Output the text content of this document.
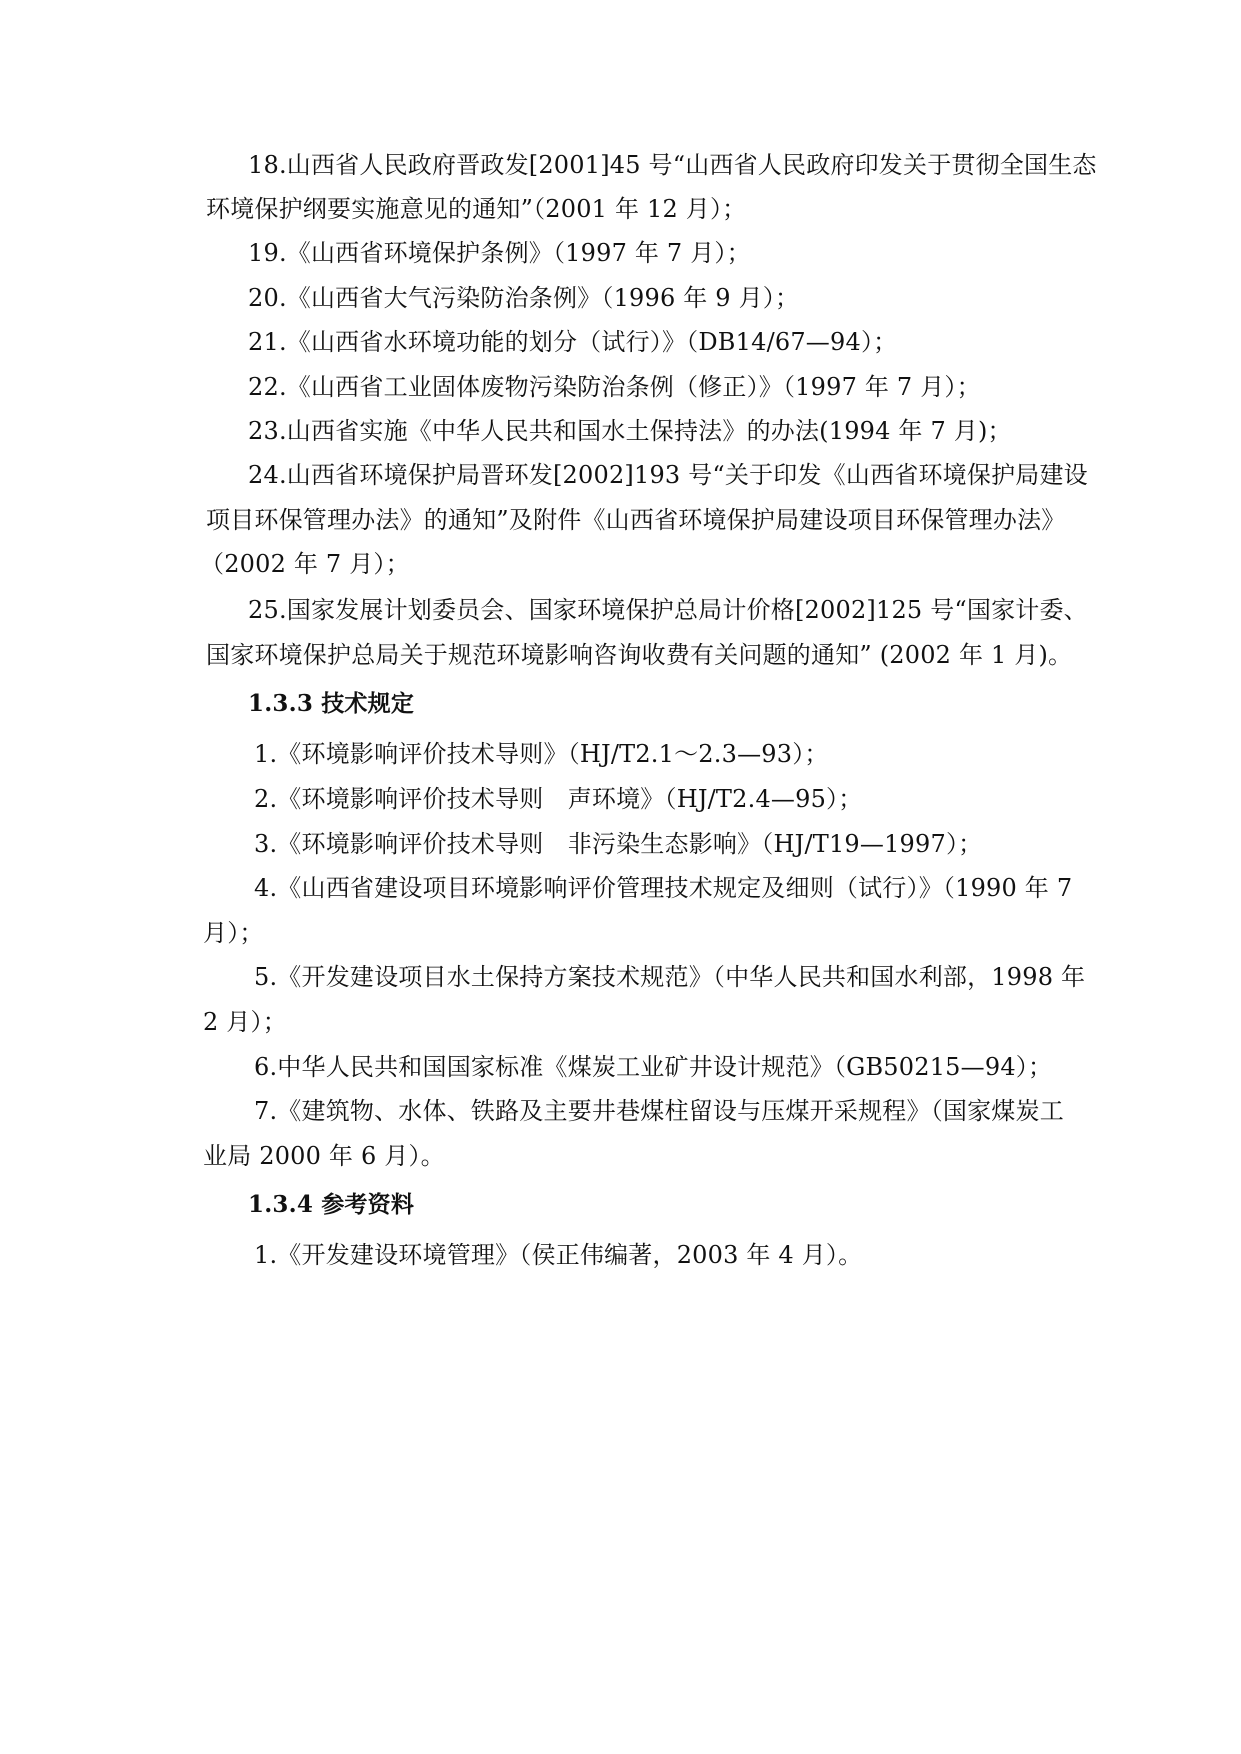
18.山西省人民政府晋政发[2001]45 号“山西省人民政府印发关于贯彻全国生态
环境保护纲要实施意见的通知”（2001 年 12 月）；
19.《山西省环境保护条例》（1997 年 7 月）；
20.《山西省大气污染防治条例》（1996 年 9 月）；
21.《山西省水环境功能的划分（试行）》（DB14/67—94）；
22.《山西省工业固体废物污染防治条例（修正）》（1997 年 7 月）；
23.山西省实施《中华人民共和国水土保持法》的办法(1994 年 7 月)；
24.山西省环境保护局晋环发[2002]193 号“关于印发《山西省环境保护局建设
项目环保管理办法》的通知”及附件《山西省环境保护局建设项目环保管理办法》
（2002 年 7 月）；
25.国家发展计划委员会、国家环境保护总局计价格[2002]125 号“国家计委、
国家环境保护总局关于规范环境影响咨询收费有关问题的通知” (2002 年 1 月)。
1.3.3 技术规定
1.《环境影响评价技术导则》（HJ/T2.1～2.3—93）；
2.《环境影响评价技术导则　声环境》（HJ/T2.4—95）；
3.《环境影响评价技术导则　非污染生态影响》（HJ/T19—1997）；
4.《山西省建设项目环境影响评价管理技术规定及细则（试行）》（1990 年 7
月）；
5.《开发建设项目水土保持方案技术规范》（中华人民共和国水利部，1998 年
2 月）；
6.中华人民共和国国家标准《煤炭工业矿井设计规范》（GB50215—94）；
7.《建筑物、水体、铁路及主要井巷煤柱留设与压煤开采规程》（国家煤炭工
业局 2000 年 6 月）。
1.3.4 参考资料
1.《开发建设环境管理》（侯正伟编著，2003 年 4 月）。
